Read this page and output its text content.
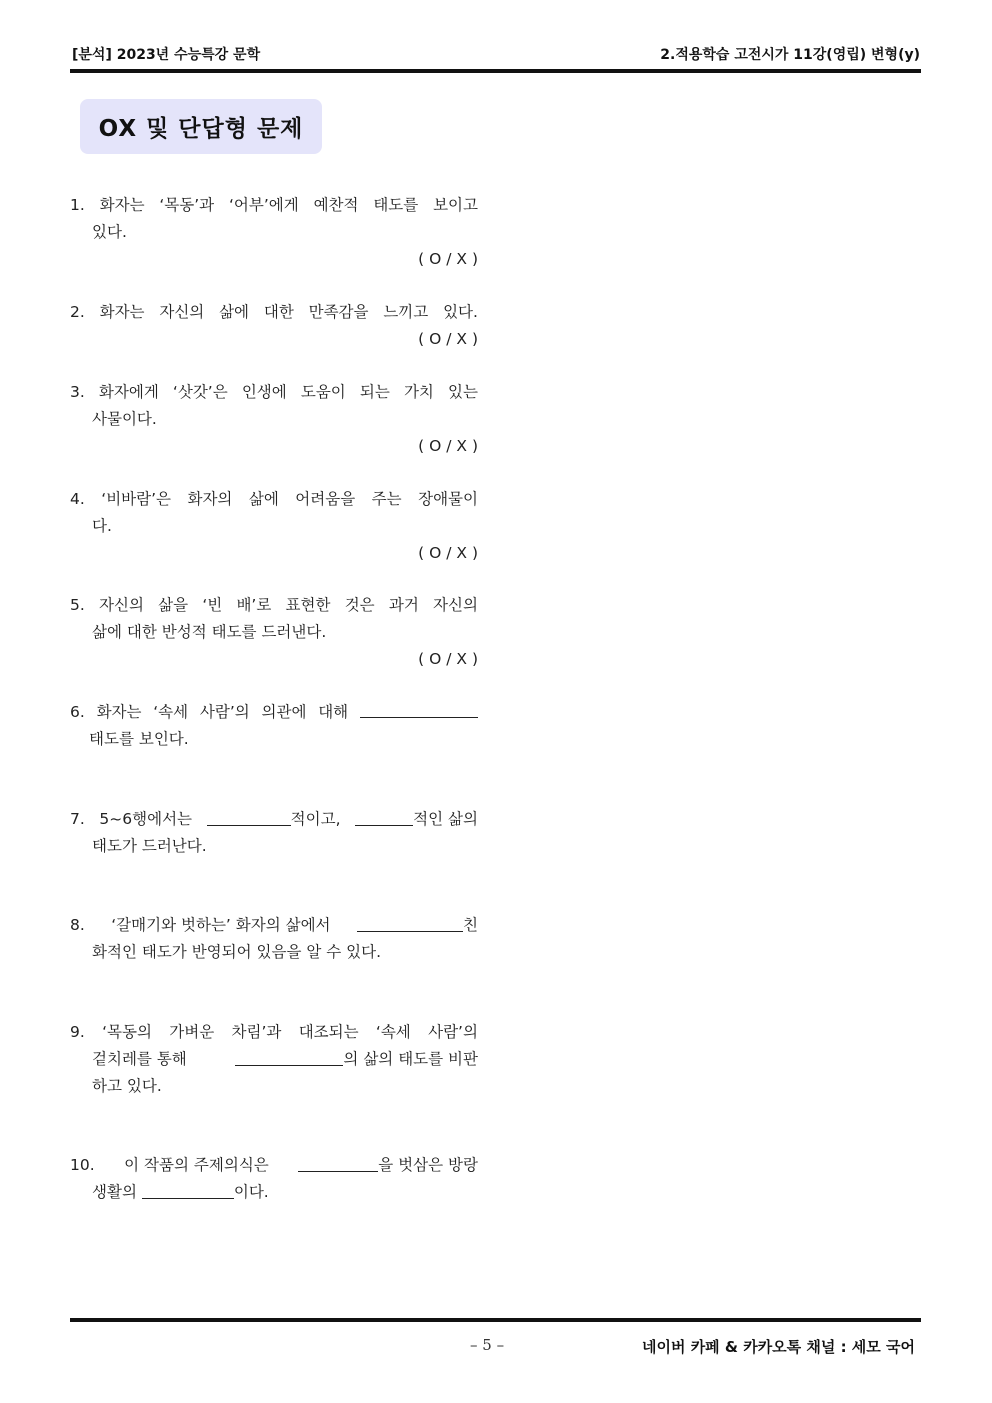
[분석] 2023년 수능특강 문학	2.적용학습 고전시가 11강(영립) 변형(y)
OX 및 단답형 문제
1. 화자는 ‘목동’과 ‘어부’에게 예찬적 태도를 보이고
있다.
( O / X )
2. 화자는 자신의 삶에 대한 만족감을 느끼고 있다.
( O / X )
3. 화자에게 ‘삿갓’은 인생에 도움이 되는 가치 있는
사물이다.
( O / X )
4. ‘비바람’은 화자의 삶에 어려움을 주는 장애물이
다.
( O / X )
5. 자신의 삶을 ‘빈 배’로 표현한 것은 과거 자신의
삶에 대한 반성적 태도를 드러낸다.
( O / X )
6. 화자는 ‘속세 사람’의 의관에 대해
태도를 보인다.
7. 5~6행에서는	적이고,	적인 삶의
태도가 드러난다.
8. ‘갈매기와 벗하는’ 화자의 삶에서	친
화적인 태도가 반영되어 있음을 알 수 있다.
9. ‘목동의 가벼운 차림’과 대조되는 ‘속세 사람’의
겉치레를 통해	의 삶의 태도를 비판
하고 있다.
10. 이 작품의 주제의식은	을 벗삼은 방랑
생활의	이다.
– 5 –	네이버 카페 & 카카오톡 채널 : 세모 국어
